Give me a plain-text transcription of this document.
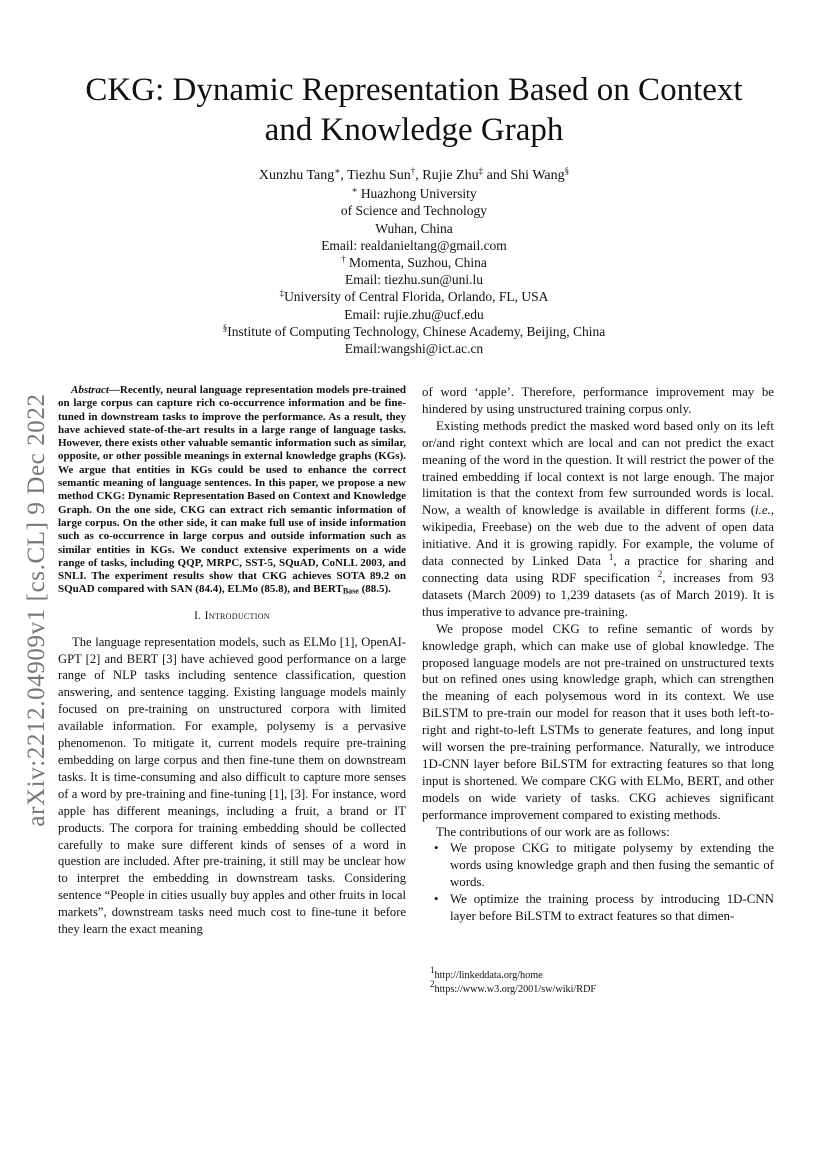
CKG: Dynamic Representation Based on Context
and Knowledge Graph
Xunzhu Tang∗, Tiezhu Sun†, Rujie Zhu‡ and Shi Wang§
∗ Huazhong University
of Science and Technology
Wuhan, China
Email: realdanieltang@gmail.com
† Momenta, Suzhou, China
Email: tiezhu.sun@uni.lu
‡University of Central Florida, Orlando, FL, USA
Email: rujie.zhu@ucf.edu
§Institute of Computing Technology, Chinese Academy, Beijing, China
Email:wangshi@ict.ac.cn
arXiv:2212.04909v1 [cs.CL] 9 Dec 2022

Abstract—Recently, neural language representation models pre-trained on large corpus can capture rich co-occurrence information and be fine-tuned in downstream tasks to improve the performance. As a result, they have achieved state-of-the-art results in a large range of language tasks. However, there exists other valuable semantic information such as similar, opposite, or other possible meanings in external knowledge graphs (KGs). We argue that entities in KGs could be used to enhance the correct semantic meaning of language sentences. In this paper, we propose a new method CKG: Dynamic Representation Based on Context and Knowledge Graph. On the one side, CKG can extract rich semantic information of large corpus. On the other side, it can make full use of inside information such as co-occurrence in large corpus and outside information such as similar entities in KGs. We conduct extensive experiments on a wide range of tasks, including QQP, MRPC, SST-5, SQuAD, CoNLL 2003, and SNLI. The experiment results show that CKG achieves SOTA 89.2 on SQuAD compared with SAN (84.4), ELMo (85.8), and $BERT_{Base}$ (88.5).

I. Introduction

The language representation models, such as ELMo [1], OpenAI-GPT [2] and BERT [3] have achieved good performance on a large range of NLP tasks including sentence classification, question answering, and sentence tagging. Existing language models mainly focused on pre-training on unstructured corpora with limited available information. For example, polysemy is a pervasive phenomenon. To mitigate it, current models require pre-training embedding on large corpus and then fine-tune them on downstream tasks. It is time-consuming and also difficult to capture more senses of a word by pre-training and fine-tuning [1], [3]. For instance, word apple has different meanings, including a fruit, a brand or IT products. The corpora for training embedding should be collected carefully to make sure different kinds of senses of a word in question are included. After pre-training, it still may be unclear how to interpret the embedding in downstream tasks. Considering sentence “People in cities usually buy apples and other fruits in local markets”, downstream tasks need much cost to fine-tune it before they learn the exact meaning

of word ‘apple’. Therefore, performance improvement may be hindered by using unstructured training corpus only.

Existing methods predict the masked word based only on its left or/and right context which are local and can not predict the exact meaning of the word in the question. It will restrict the power of the trained embedding if local context is not large enough. The major limitation is that the context from few surrounded words is local. Now, a wealth of knowledge is available in different forms (i.e., wikipedia, Freebase) on the web due to the advent of open data initiative. And it is growing rapidly. For example, the volume of data connected by Linked Data $^1$, a practice for sharing and connecting data using RDF specification $^2$, increases from 93 datasets (March 2009) to 1,239 datasets (as of March 2019). It is thus imperative to advance pre-training.

We propose model CKG to refine semantic of words by knowledge graph, which can make use of global knowledge. The proposed language models are not pre-trained on unstructured texts but on refined ones using knowledge graph, which can strengthen the meaning of each polysemous word in its context. We use BiLSTM to pre-train our model for reason that it uses both left-to-right and right-to-left LSTMs to generate features, and long input will worsen the pre-training performance. Naturally, we introduce 1D-CNN layer before BiLSTM for extracting features so that long input is shortened. We compare CKG with ELMo, BERT, and other models on wide variety of tasks. CKG achieves significant performance improvement compared to existing methods.

The contributions of our work are as follows:

• We propose CKG to mitigate polysemy by extending the words using knowledge graph and then fusing the semantic of words.
• We optimize the training process by introducing 1D-CNN layer before BiLSTM to extract features so that dimen-
$^1$http://linkeddata.org/home
$^2$https://www.w3.org/2001/sw/wiki/RDF
